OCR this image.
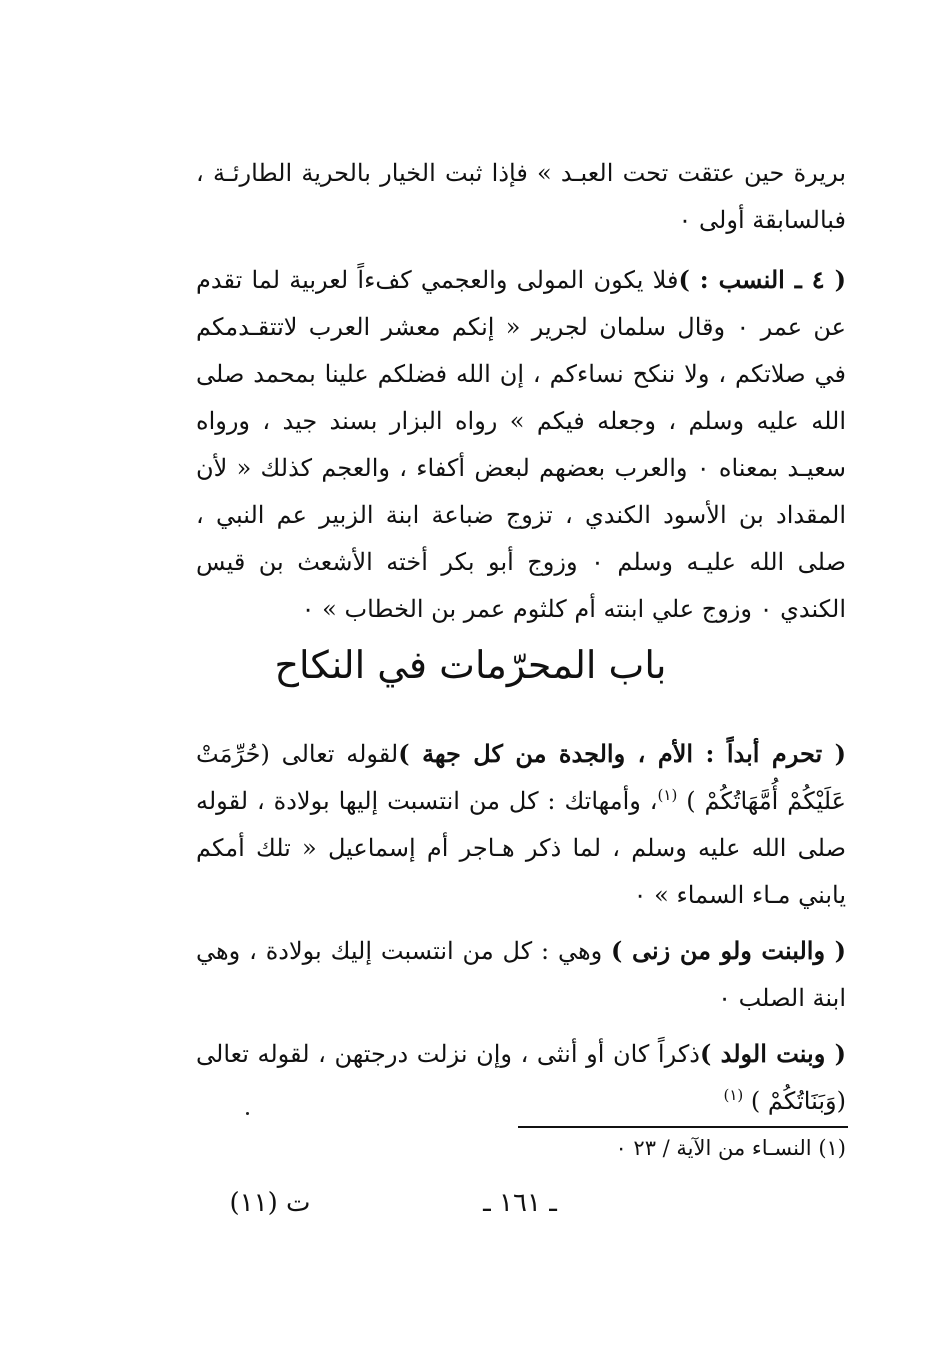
بريرة حين عتقت تحت العبـد » فإذا ثبت الخيار بالحرية الطارئـة ، فبالسابقة أولى ٠

( ٤ ـ النسب : )فلا يكون المولى والعجمي كفءاً لعربية لما تقدم عن عمر ٠ وقال سلمان لجرير « إنكم معشر العرب لاتتقـدمكم في صلاتكم ، ولا ننكح نساءكم ، إن الله فضلكم علينا بمحمد صلى الله عليه وسلم ، وجعله فيكم » رواه البزار بسند جيد ، ورواه سعيـد بمعناه ٠ والعرب بعضهم لبعض أكفاء ، والعجم كذلك « لأن المقداد بن الأسود الكندي ، تزوج ضباعة ابنة الزبير عم النبي ، صلى الله عليـه وسلم ٠ وزوج أبو بكر أخته الأشعث بن قيس الكندي ٠ وزوج علي ابنته أم كلثوم عمر بن الخطاب » ٠

باب المحرّمات في النكاح

( تحرم أبداً : الأم ، والجدة من كل جهة )لقوله تعالى (حُرِّمَتْ عَلَيْكُمْ أُمَّهَاتُكُمْ ) $^{(١)}$، وأمهاتك : كل من انتسبت إليها بولادة ، لقوله صلى الله عليه وسلم ، لما ذكر هـاجر أم إسماعيل « تلك أمكم يابني مـاء السماء » ٠

( والبنت ولو من زنى ) وهي : كل من انتسبت إليك بولادة ، وهي ابنة الصلب ٠

( وبنت الولد )ذكراً كان أو أنثى ، وإن نزلت درجتهن ، لقوله تعالى (وَبَنَاتُكُمْ ) $^{(١)}$

(١) النسـاء من الآية / ٢٣ ٠
ـ ١٦١ ـ
ت (١١)
